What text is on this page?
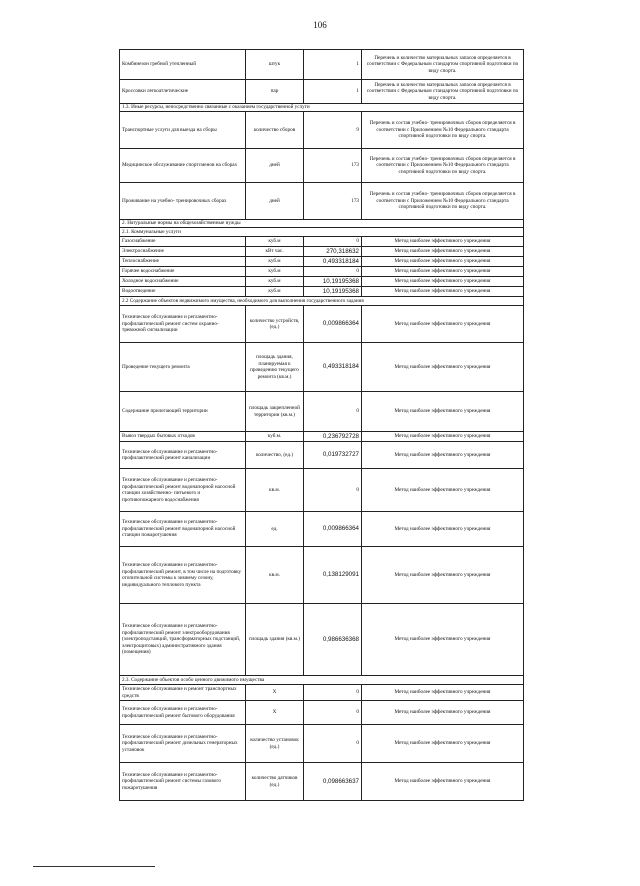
106
Комбинезон гребной утепленный	штук	1	Перечень и количество материальных запасов определяется в соответствии с Федеральным стандартом спортивной подготовки по виду спорта.
Кроссовки легкоатлетические	пар	1	Перечень и количество материальных запасов определяется в соответствии с Федеральным стандартом спортивной подготовки по виду спорта.
1.3. Иные ресурсы, непосредственно связанные с оказанием государственной услуги			
Транспортные услуги для выезда на сборы	количество сборов	9	Перечень и состав учебно- тренировочных сборов определяется в соответствии с Приложением №10 Федерального стандарта спортивной подготовки по виду спорта.
Медицинское обслуживание спортсменов на сборах	дней	173	Перечень и состав учебно- тренировочных сборов определяется в соответствии с Приложением №10 Федерального стандарта спортивной подготовки по виду спорта.
Проживание на учебно- тренировочных сборах	дней	173	Перечень и состав учебно- тренировочных сборов определяется в соответствии с Приложением №10 Федерального стандарта спортивной подготовки по виду спорта.
2. Натуральные нормы на общехозяйственные нужды			
2.1. Коммунальные услуги			
Газоснабжение	куб.м	0	Метод наиболее эффективного учреждения
Электроснабжение	кВт час.	270,318632	Метод наиболее эффективного учреждения
Теплоснабжение	куб.м	0,493318184	Метод наиболее эффективного учреждения
Горячее водоснабжение	куб.м	0	Метод наиболее эффективного учреждения
Холодное водоснабжение	куб.м	10,19195368	Метод наиболее эффективного учреждения
Водоотведение	куб.м	10,19195368	Метод наиболее эффективного учреждения
2.2 Содержание объектов недвижимого имущества, необходимого для выполнения государственного задания			
Техническое обслуживание и регламентно- профилактический ремонт систем охранно- тревожной сигнализации	количество устройств, (ед.)	0,009866364	Метод наиболее эффективного учреждения
Проведение текущего ремонта	площадь здания, планируемая к проведению текущего ремонта (кв.м.)	0,493318184	Метод наиболее эффективного учреждения
Содержание прилегающей территории	площадь закрепленной территории (кв.м.)	0	Метод наиболее эффективного учреждения
Вывоз твердых бытовых отходов	куб.м.	0,236792728	Метод наиболее эффективного учреждения
Техническое обслуживание и регламентно- профилактический ремонт канализации	количество, (ед.)	0,019732727	Метод наиболее эффективного учреждения
Техническое обслуживание и регламентно- профилактический ремонт водонапорной насосной станции хозяйственно- питьевого и противопожарного водоснабжения	кв.м.	0	Метод наиболее эффективного учреждения
Техническое обслуживание и регламентно- профилактический ремонт водонапорной насосной станции пожаротушения	ед.	0,009866364	Метод наиболее эффективного учреждения
Техническое обслуживание и регламентно- профилактический ремонт, в том числе на подготовку отопительной системы к зимнему сезону, индивидуального теплового пункта	кв.м.	0,138129091	Метод наиболее эффективного учреждения
Техническое обслуживание и регламентно- профилактический ремонт электрооборудования (электроподстанций, трансформаторных подстанций, электрощитовых) административного здания (помещения)	площадь здания (кв.м.)	0,986636368	Метод наиболее эффективного учреждения
2.3. Содержание объектов особо ценного движимого имущества			
Техническое обслуживание и ремонт транспортных средств	Х	0	Метод наиболее эффективного учреждения
Техническое обслуживание и регламентно- профилактический ремонт бытового оборудования	Х	0	Метод наиболее эффективного учреждения
Техническое обслуживание и регламентно- профилактический ремонт дизельных генераторных установок	количество установок (ед.)	0	Метод наиболее эффективного учреждения
Техническое обслуживание и регламентно- профилактический ремонт системы газового пожаротушения	количество датчиков (ед.)	0,098663637	Метод наиболее эффективного учреждения
